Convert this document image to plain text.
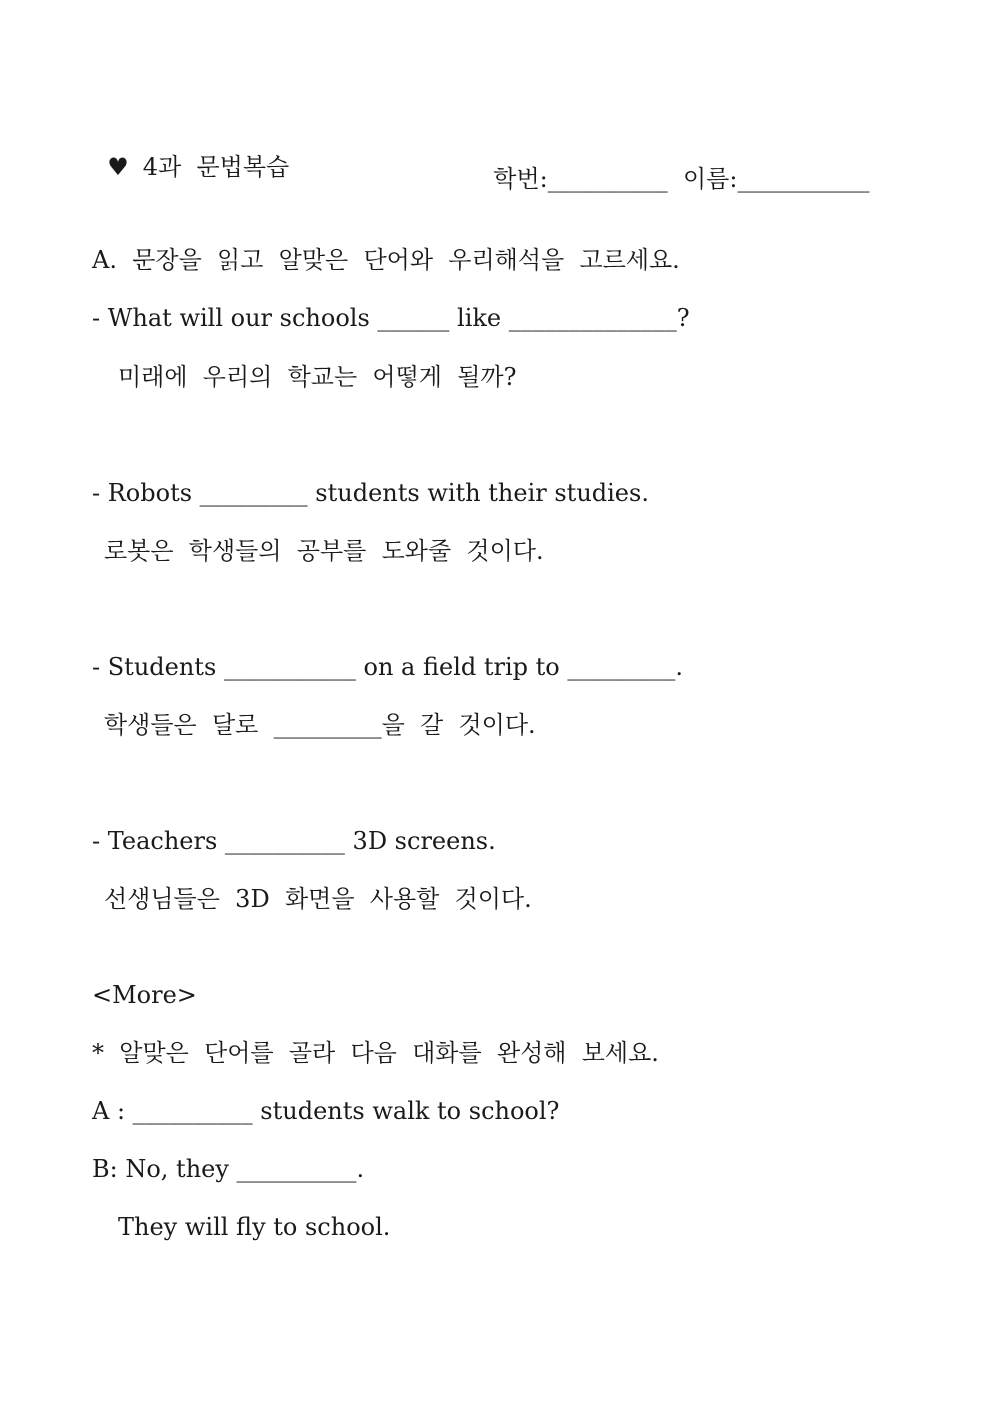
♥ 4과  문법복습	학번:__________ 이름:___________

A.  문장을  읽고  알맞은  단어와  우리해석을  고르세요.
- What will our schools ______ like ______________?
미래에  우리의  학교는  어떻게  될까?
- Robots _________ students with their studies.
로봇은  학생들의  공부를  도와줄  것이다.
- Students ___________ on a field trip to _________.
학생들은  달로  _________을  갈  것이다.
- Teachers __________ 3D screens.
선생님들은  3D  화면을  사용할  것이다.
<More>
*  알맞은  단어를  골라  다음  대화를  완성해  보세요.
A : __________ students walk to school?
B: No, they __________.
They will fly to school.
